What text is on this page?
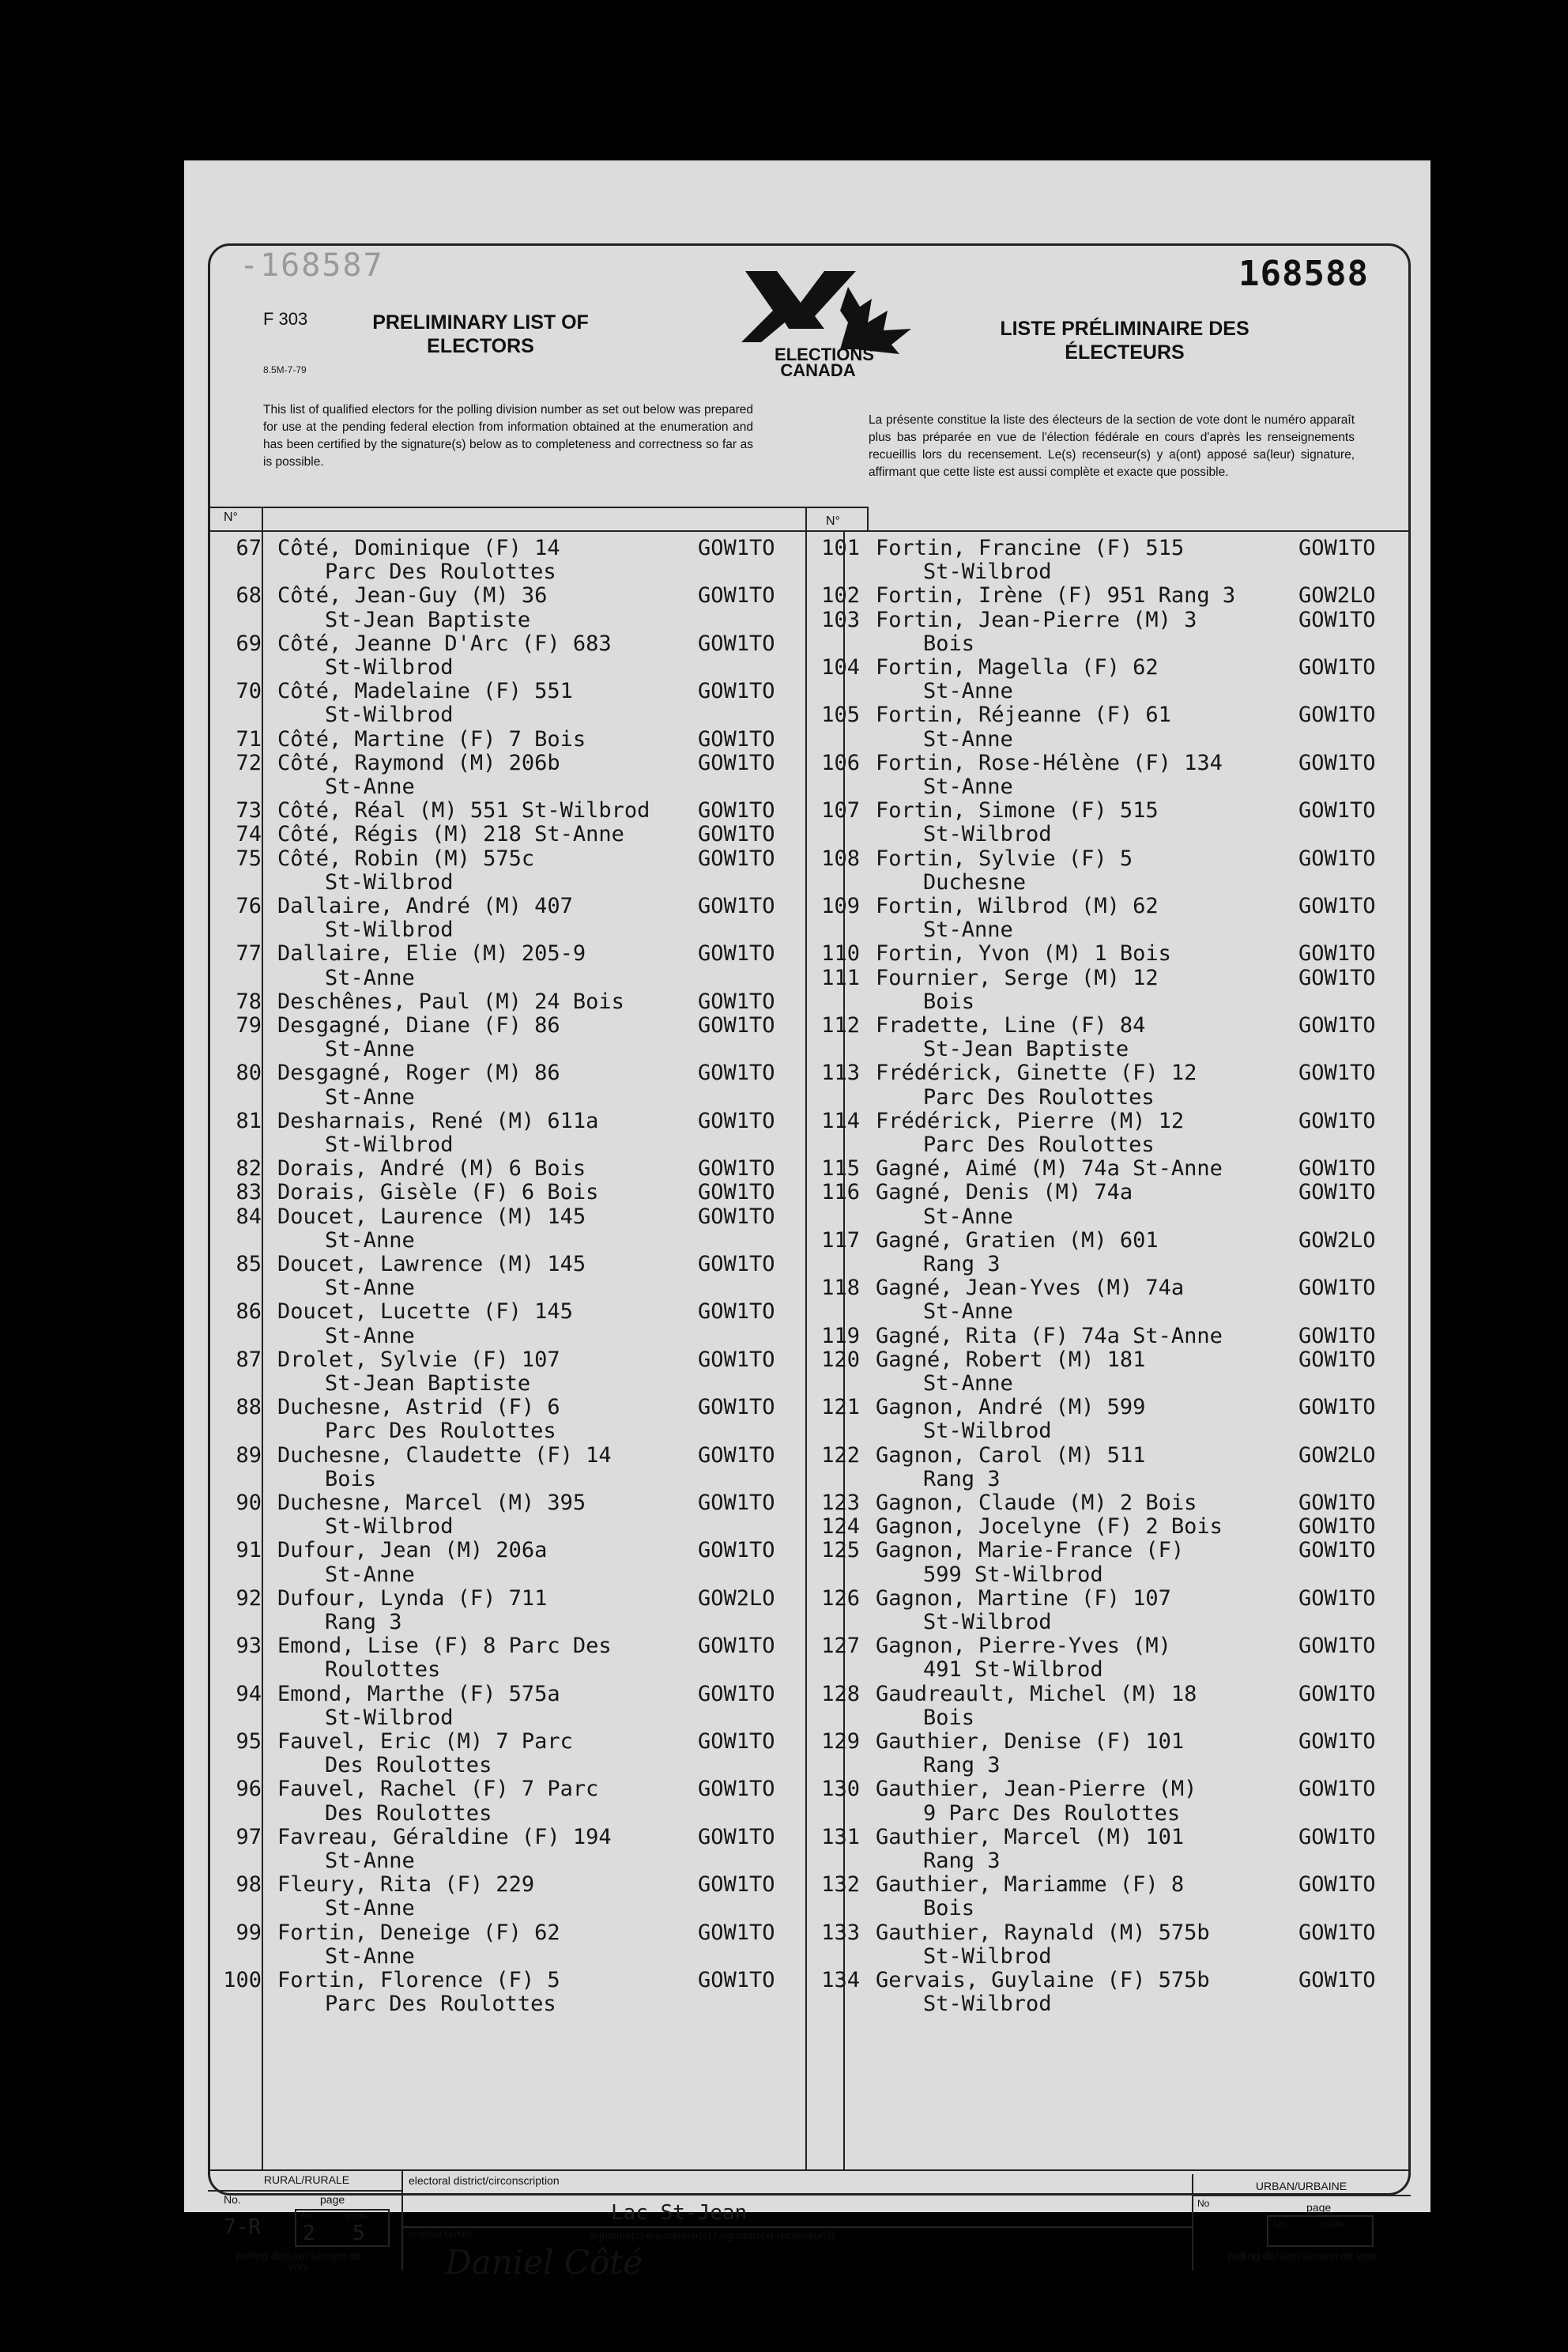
-168587	168588
F 303
8.5M-7-79
PRELIMINARY LIST OF ELECTORS	ELECTIONS
CANADA
LISTE PRÉLIMINAIRE DES ÉLECTEURS
This list of qualified electors for the polling division number as set out below was prepared for use at the pending federal election from information obtained at the enumeration and has been certified by the signature(s) below as to completeness and correctness so far as is possible.
La présente constitue la liste des électeurs de la section de vote dont le numéro apparaît plus bas préparée en vue de l'élection fédérale en cours d'après les renseignements recueillis lors du recensement. Le(s) recenseur(s) y a(ont) apposé sa(leur) signature, affirmant que cette liste est aussi complète et exacte que possible.
N°	N°
67 Côté, Dominique (F) 14	GOW1TO
Parc Des Roulottes
68 Côté, Jean-Guy (M) 36	GOW1TO
St-Jean Baptiste
69 Côté, Jeanne D'Arc (F) 683	GOW1TO
St-Wilbrod
70 Côté, Madelaine (F) 551	GOW1TO
St-Wilbrod
71 Côté, Martine (F) 7 Bois	GOW1TO
72 Côté, Raymond (M) 206b	GOW1TO
St-Anne
73 Côté, Réal (M) 551 St-Wilbrod GOW1TO
74 Côté, Régis (M) 218 St-Anne	GOW1TO
75 Côté, Robin (M) 575c	GOW1TO
St-Wilbrod
76 Dallaire, André (M) 407	GOW1TO
St-Wilbrod
77 Dallaire, Elie (M) 205-9	GOW1TO
St-Anne
78 Deschênes, Paul (M) 24 Bois	GOW1TO
79 Desgagné, Diane (F) 86	GOW1TO
St-Anne
80 Desgagné, Roger (M) 86	GOW1TO
St-Anne
81 Desharnais, René (M) 611a	GOW1TO
St-Wilbrod
82 Dorais, André (M) 6 Bois	GOW1TO
83 Dorais, Gisèle (F) 6 Bois	GOW1TO
84 Doucet, Laurence (M) 145	GOW1TO
St-Anne
85 Doucet, Lawrence (M) 145	GOW1TO
St-Anne
86 Doucet, Lucette (F) 145	GOW1TO
St-Anne
87 Drolet, Sylvie (F) 107	GOW1TO
St-Jean Baptiste
88 Duchesne, Astrid (F) 6	GOW1TO
Parc Des Roulottes
89 Duchesne, Claudette (F) 14	GOW1TO
Bois
90 Duchesne, Marcel (M) 395	GOW1TO
St-Wilbrod
91 Dufour, Jean (M) 206a	GOW1TO
St-Anne
92 Dufour, Lynda (F) 711	GOW2LO
Rang 3
93 Emond, Lise (F) 8 Parc Des	GOW1TO
Roulottes
94 Emond, Marthe (F) 575a	GOW1TO
St-Wilbrod
95 Fauvel, Eric (M) 7 Parc	GOW1TO
Des Roulottes
96 Fauvel, Rachel (F) 7 Parc	GOW1TO
Des Roulottes
97 Favreau, Géraldine (F) 194	GOW1TO
St-Anne
98 Fleury, Rita (F) 229	GOW1TO
St-Anne
99 Fortin, Deneige (F) 62	GOW1TO
St-Anne
100 Fortin, Florence (F) 5	GOW1TO
Parc Des Roulottes
101 Fortin, Francine (F) 515	GOW1TO
St-Wilbrod
102 Fortin, Irène (F) 951 Rang 3	GOW2LO
103 Fortin, Jean-Pierre (M) 3	GOW1TO
Bois
104 Fortin, Magella (F) 62	GOW1TO
St-Anne
105 Fortin, Réjeanne (F) 61	GOW1TO
St-Anne
106 Fortin, Rose-Hélène (F) 134	GOW1TO
St-Anne
107 Fortin, Simone (F) 515	GOW1TO
St-Wilbrod
108 Fortin, Sylvie (F) 5	GOW1TO
Duchesne
109 Fortin, Wilbrod (M) 62	GOW1TO
St-Anne
110 Fortin, Yvon (M) 1 Bois	GOW1TO
111 Fournier, Serge (M) 12	GOW1TO
Bois
112 Fradette, Line (F) 84	GOW1TO
St-Jean Baptiste
113 Frédérick, Ginette (F) 12	GOW1TO
Parc Des Roulottes
114 Frédérick, Pierre (M) 12	GOW1TO
Parc Des Roulottes
115 Gagné, Aimé (M) 74a St-Anne	GOW1TO
116 Gagné, Denis (M) 74a	GOW1TO
St-Anne
117 Gagné, Gratien (M) 601	GOW2LO
Rang 3
118 Gagné, Jean-Yves (M) 74a	GOW1TO
St-Anne
119 Gagné, Rita (F) 74a St-Anne	GOW1TO
120 Gagné, Robert (M) 181	GOW1TO
St-Anne
121 Gagnon, André (M) 599	GOW1TO
St-Wilbrod
122 Gagnon, Carol (M) 511	GOW2LO
Rang 3
123 Gagnon, Claude (M) 2 Bois	GOW1TO
124 Gagnon, Jocelyne (F) 2 Bois	GOW1TO
125 Gagnon, Marie-France (F)	GOW1TO
599 St-Wilbrod
126 Gagnon, Martine (F) 107	GOW1TO
St-Wilbrod
127 Gagnon, Pierre-Yves (M)	GOW1TO
491 St-Wilbrod
128 Gaudreault, Michel (M) 18	GOW1TO
Bois
129 Gauthier, Denise (F) 101	GOW1TO
Rang 3
130 Gauthier, Jean-Pierre (M)	GOW1TO
9 Parc Des Roulottes
131 Gauthier, Marcel (M) 101	GOW1TO
Rang 3
132 Gauthier, Mariamme (F) 8	GOW1TO
Bois
133 Gauthier, Raynald (M) 575b	GOW1TO
St-Wilbrod
134 Gervais, Guylaine (F) 575b	GOW1TO
St-Wilbrod
RURAL/RURALE
No.	page
7-R	No	of/de
2 5
polling division section de vote
electoral district/circonscription
Lac St-Jean
certified certifié	signature(s)-enumerator(s) / signature(s)-recenseur(s)
Daniel Côté
URBAN/URBAINE
No	page
No	of/de
polling division section de vote
